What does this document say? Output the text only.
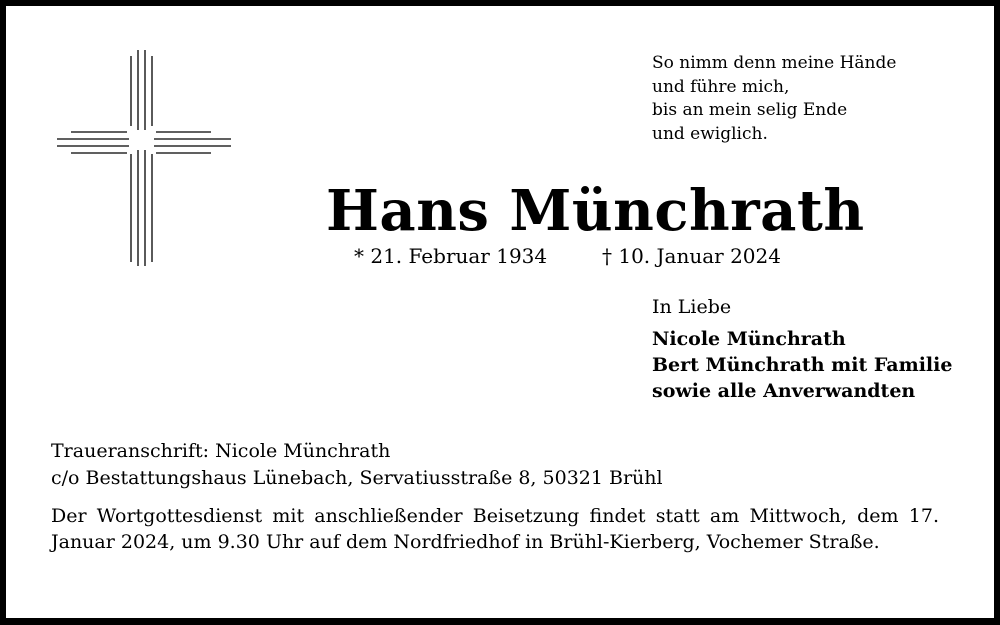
So nimm denn meine Hände
und führe mich,
bis an mein selig Ende
und ewiglich.
Hans Münchrath
* 21. Februar 1934	† 10. Januar 2024
In Liebe
Nicole Münchrath
Bert Münchrath mit Familie
sowie alle Anverwandten
Traueranschrift: Nicole Münchrath
c/o Bestattungshaus Lünebach, Servatiusstraße 8, 50321 Brühl
Der Wortgottesdienst mit anschließender Beisetzung findet statt am Mittwoch, dem 17. Januar 2024, um 9.30 Uhr auf dem Nordfriedhof in Brühl-Kierberg, Vochemer Straße.
